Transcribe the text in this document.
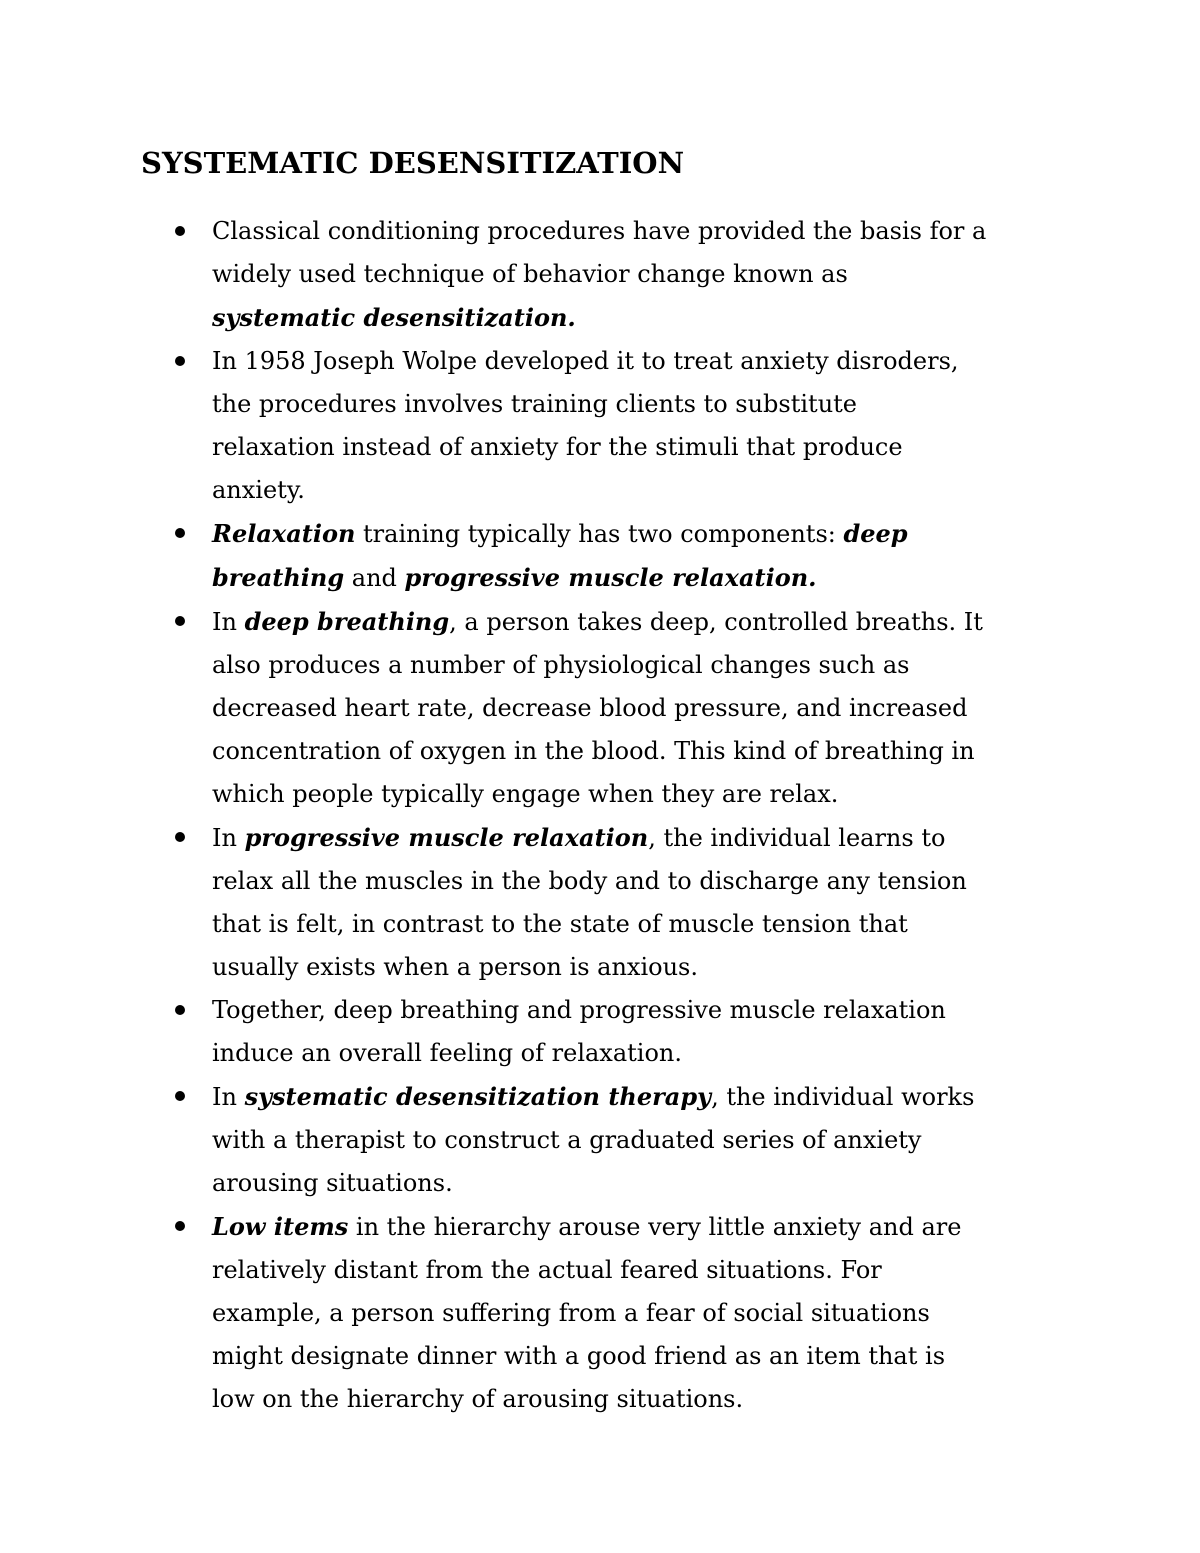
SYSTEMATIC DESENSITIZATION
Classical conditioning procedures have provided the basis for a
widely used technique of behavior change known as
systematic desensitization.
In 1958 Joseph Wolpe developed it to treat anxiety disroders,
the procedures involves training clients to substitute
relaxation instead of anxiety for the stimuli that produce
anxiety.
Relaxation training typically has two components: deep
breathing and progressive muscle relaxation.
In deep breathing, a person takes deep, controlled breaths. It
also produces a number of physiological changes such as
decreased heart rate, decrease blood pressure, and increased
concentration of oxygen in the blood. This kind of breathing in
which people typically engage when they are relax.
In progressive muscle relaxation, the individual learns to
relax all the muscles in the body and to discharge any tension
that is felt, in contrast to the state of muscle tension that
usually exists when a person is anxious.
Together, deep breathing and progressive muscle relaxation
induce an overall feeling of relaxation.
In systematic desensitization therapy, the individual works
with a therapist to construct a graduated series of anxiety
arousing situations.
Low items in the hierarchy arouse very little anxiety and are
relatively distant from the actual feared situations. For
example, a person suffering from a fear of social situations
might designate dinner with a good friend as an item that is
low on the hierarchy of arousing situations.
